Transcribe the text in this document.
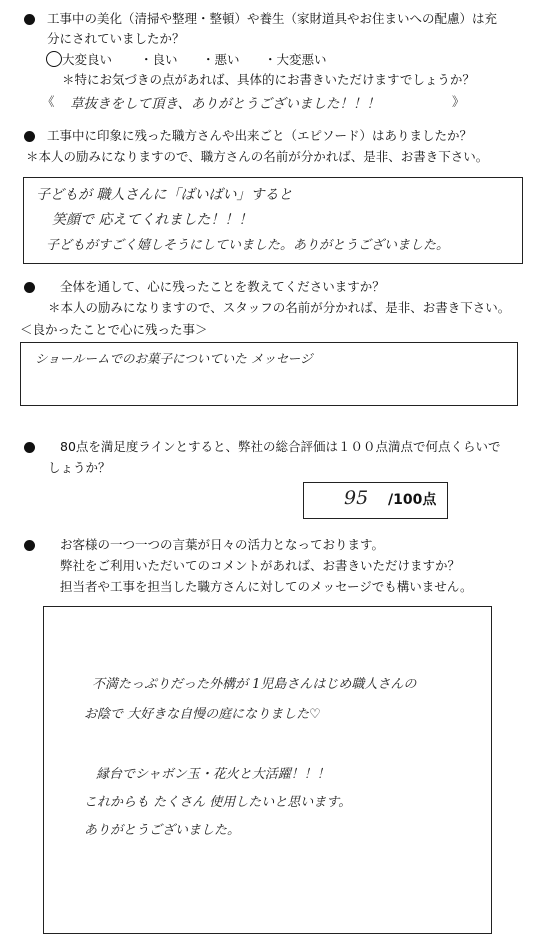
工事中の美化（清掃や整理・整頓）や養生（家財道具やお住まいへの配慮）は充
分にされていましたか？
大変良い ・良い ・悪い ・大変悪い
＊特にお気づきの点があれば、具体的にお書きいただけますでしょうか？
《 草抜きをして頂き、ありがとうございました！！！	》
工事中に印象に残った職方さんや出来ごと（エピソード）はありましたか？
＊本人の励みになりますので、職方さんの名前が分かれば、是非、お書き下さい。
子どもが 職人さんに「ばいばい」すると
笑顔で 応えてくれました！！！
子どもがすごく嬉しそうにしていました。ありがとうございました。
全体を通して、心に残ったことを教えてくださいますか？
＊本人の励みになりますので、スタッフの名前が分かれば、是非、お書き下さい。
＜良かったことで心に残った事＞
ショールームでのお菓子についていた メッセージ
80点を満足度ラインとすると、弊社の総合評価は１００点満点で何点くらいで
しょうか？
95 /100点
お客様の一つ一つの言葉が日々の活力となっております。
弊社をご利用いただいてのコメントがあれば、お書きいただけますか？
担当者や工事を担当した職方さんに対してのメッセージでも構いません。
不満たっぷりだった外構が 1児島さんはじめ職人さんの
お陰で 大好きな自慢の庭になりました♡
縁台でシャボン玉・花火と大活躍！！！
これからも たくさん 使用したいと思います。
ありがとうございました。
